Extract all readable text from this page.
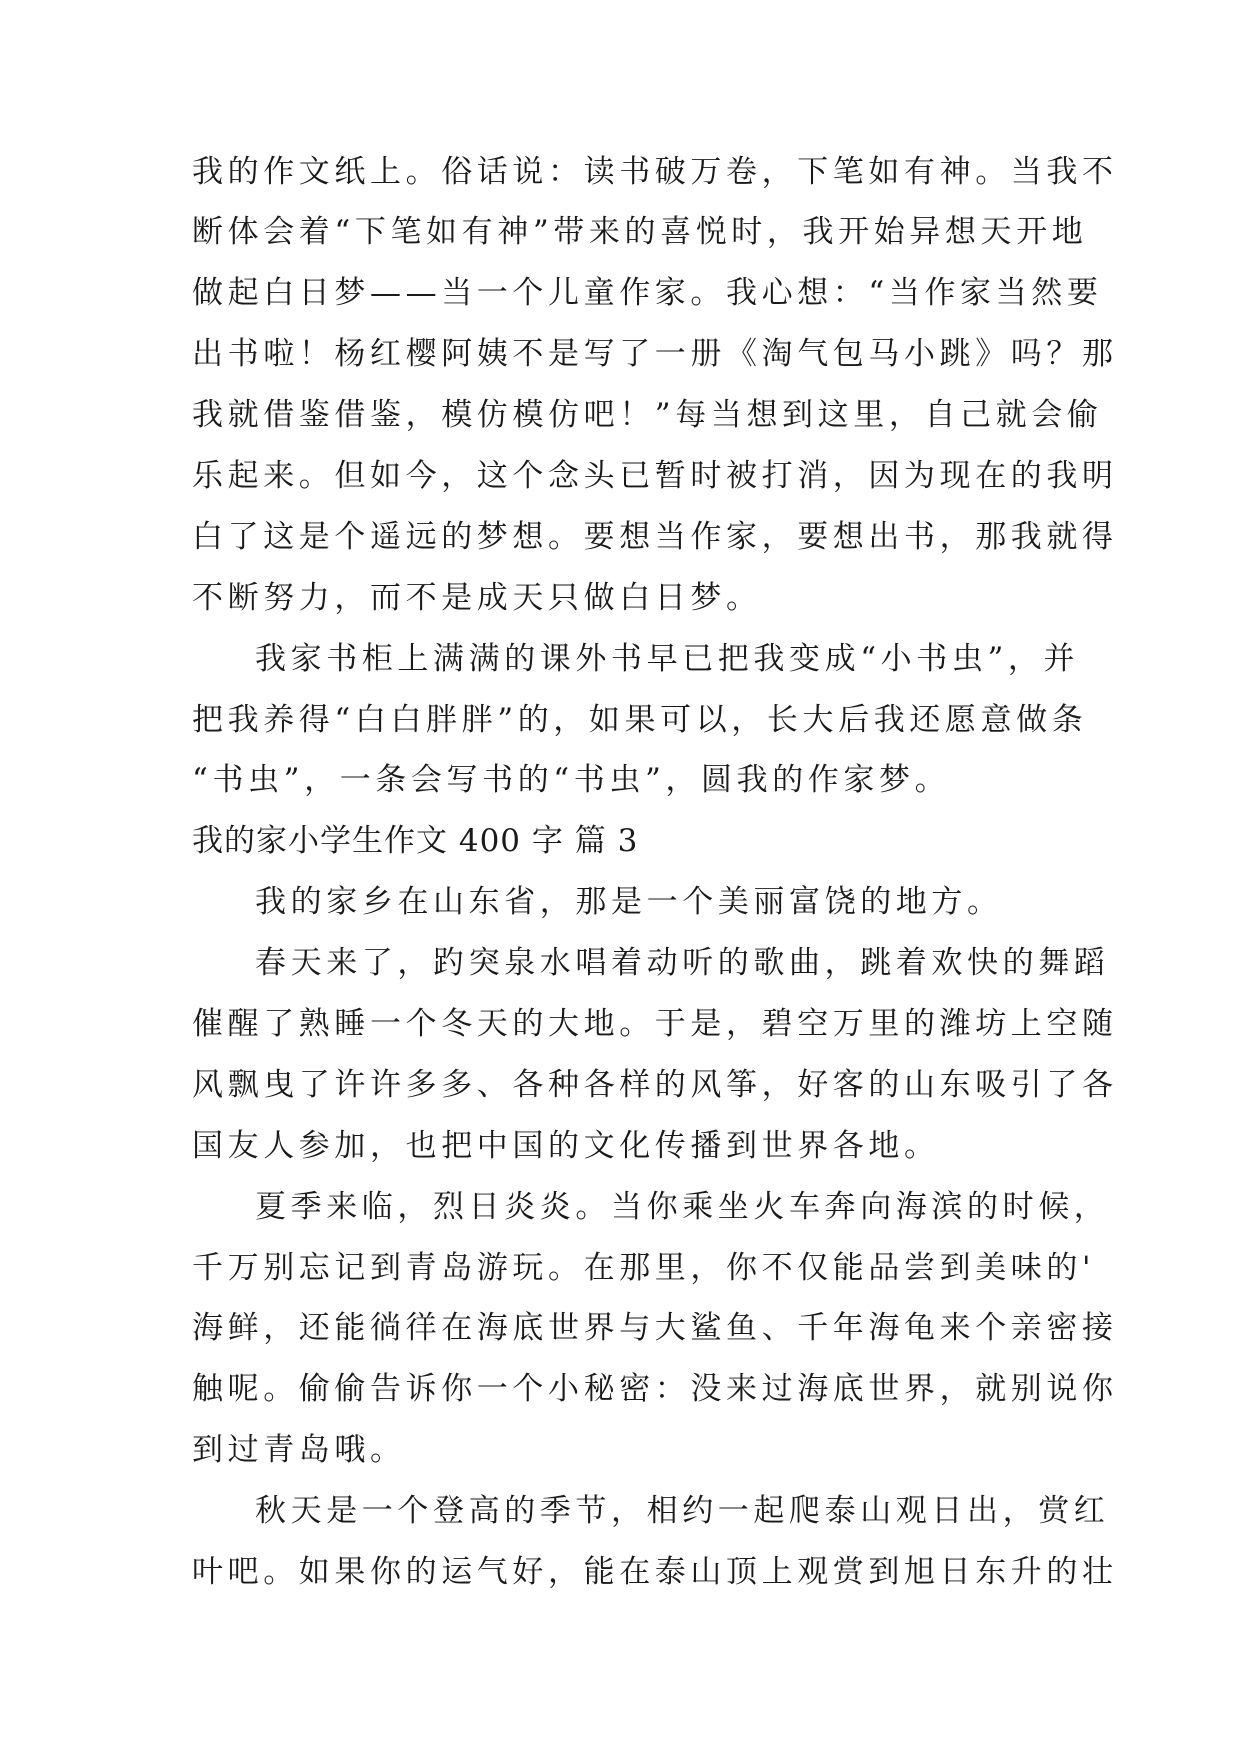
我的作文纸上。俗话说：读书破万卷，下笔如有神。当我不
断体会着“下笔如有神”带来的喜悦时，我开始异想天开地
做起白日梦——当一个儿童作家。我心想：“当作家当然要
出书啦！杨红樱阿姨不是写了一册《淘气包马小跳》吗？那
我就借鉴借鉴，模仿模仿吧！”每当想到这里，自己就会偷
乐起来。但如今，这个念头已暂时被打消，因为现在的我明
白了这是个遥远的梦想。要想当作家，要想出书，那我就得
不断努力，而不是成天只做白日梦。
我家书柜上满满的课外书早已把我变成“小书虫”，并
把我养得“白白胖胖”的，如果可以，长大后我还愿意做条
“书虫”，一条会写书的“书虫”，圆我的作家梦。
我的家小学生作文 400 字 篇 3
我的家乡在山东省，那是一个美丽富饶的地方。
春天来了，趵突泉水唱着动听的歌曲，跳着欢快的舞蹈
催醒了熟睡一个冬天的大地。于是，碧空万里的潍坊上空随
风飘曳了许许多多、各种各样的风筝，好客的山东吸引了各
国友人参加，也把中国的文化传播到世界各地。
夏季来临，烈日炎炎。当你乘坐火车奔向海滨的时候，
千万别忘记到青岛游玩。在那里，你不仅能品尝到美味的'
海鲜，还能徜徉在海底世界与大鲨鱼、千年海龟来个亲密接
触呢。偷偷告诉你一个小秘密：没来过海底世界，就别说你
到过青岛哦。
秋天是一个登高的季节，相约一起爬泰山观日出，赏红
叶吧。如果你的运气好，能在泰山顶上观赏到旭日东升的壮
